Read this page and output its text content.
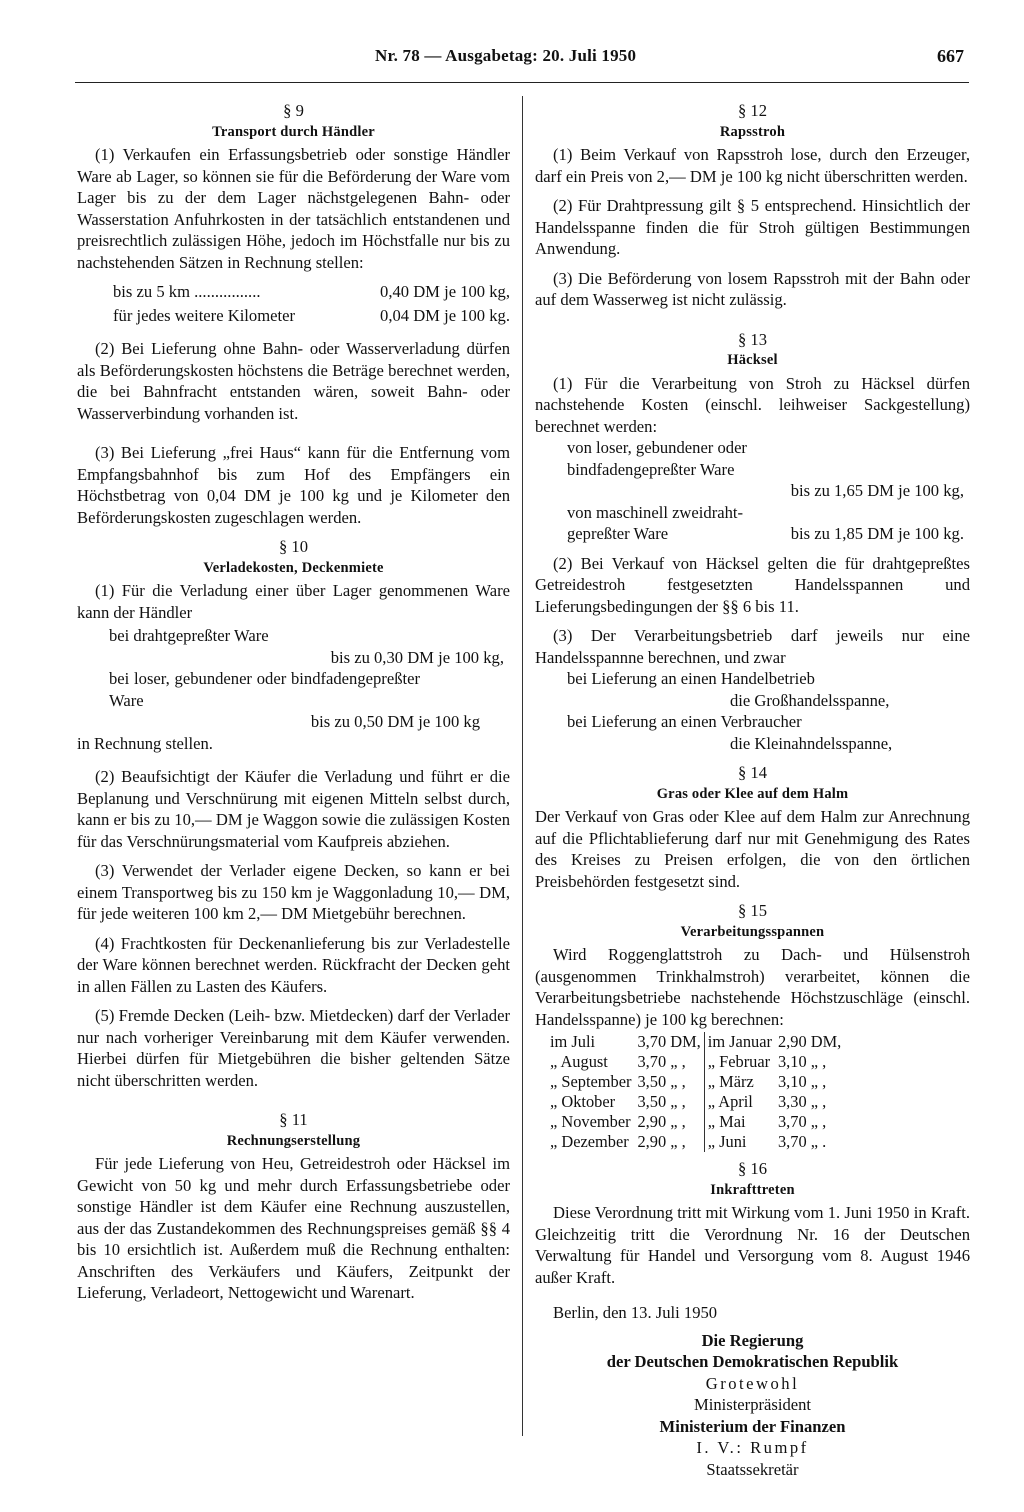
Nr. 78 — Ausgabetag: 20. Juli 1950	667
§ 9
Transport durch Händler

(1) Verkaufen ein Erfassungsbetrieb oder sonstige Händler Ware ab Lager, so können sie für die Beförderung der Ware vom Lager bis zu der dem Lager nächstgelegenen Bahn- oder Wasserstation Anfuhrkosten in der tatsächlich entstandenen und preisrechtlich zulässigen Höhe, jedoch im Höchstfalle nur bis zu nachstehenden Sätzen in Rechnung stellen:

bis zu 5 km ................	0,40 DM je 100 kg,
für jedes weitere Kilometer	0,04 DM je 100 kg.

(2) Bei Lieferung ohne Bahn- oder Wasserverladung dürfen als Beförderungskosten höchstens die Beträge berechnet werden, die bei Bahnfracht entstanden wären, soweit Bahn- oder Wasserverbindung vorhanden ist.

(3) Bei Lieferung „frei Haus“ kann für die Entfernung vom Empfangsbahnhof bis zum Hof des Empfängers ein Höchstbetrag von 0,04 DM je 100 kg und je Kilometer den Beförderungskosten zugeschlagen werden.

§ 10
Verladekosten, Deckenmiete

(1) Für die Verladung einer über Lager genommenen Ware kann der Händler

bei drahtgepreßter Ware
bis zu 0,30 DM je 100 kg,
bei loser, gebundener oder bindfadengepreßter Ware
bis zu 0,50 DM je 100 kg

in Rechnung stellen.

(2) Beaufsichtigt der Käufer die Verladung und führt er die Beplanung und Verschnürung mit eigenen Mitteln selbst durch, kann er bis zu 10,— DM je Waggon sowie die zulässigen Kosten für das Verschnürungsmaterial vom Kaufpreis abziehen.

(3) Verwendet der Verlader eigene Decken, so kann er bei einem Transportweg bis zu 150 km je Waggonladung 10,— DM, für jede weiteren 100 km 2,— DM Mietgebühr berechnen.

(4) Frachtkosten für Deckenanlieferung bis zur Verladestelle der Ware können berechnet werden. Rückfracht der Decken geht in allen Fällen zu Lasten des Käufers.

(5) Fremde Decken (Leih- bzw. Mietdecken) darf der Verlader nur nach vorheriger Vereinbarung mit dem Käufer verwenden. Hierbei dürfen für Mietgebühren die bisher geltenden Sätze nicht überschritten werden.

§ 11
Rechnungserstellung

Für jede Lieferung von Heu, Getreidestroh oder Häcksel im Gewicht von 50 kg und mehr durch Erfassungsbetriebe oder sonstige Händler ist dem Käufer eine Rechnung auszustellen, aus der das Zustandekommen des Rechnungspreises gemäß §§ 4 bis 10 ersichtlich ist. Außerdem muß die Rechnung enthalten: Anschriften des Verkäufers und Käufers, Zeitpunkt der Lieferung, Verladeort, Nettogewicht und Warenart.

§ 12
Rapsstroh

(1) Beim Verkauf von Rapsstroh lose, durch den Erzeuger, darf ein Preis von 2,— DM je 100 kg nicht überschritten werden.

(2) Für Drahtpressung gilt § 5 entsprechend. Hinsichtlich der Handelsspanne finden die für Stroh gültigen Bestimmungen Anwendung.

(3) Die Beförderung von losem Rapsstroh mit der Bahn oder auf dem Wasserweg ist nicht zulässig.

§ 13
Häcksel

(1) Für die Verarbeitung von Stroh zu Häcksel dürfen nachstehende Kosten (einschl. leihweiser Sackgestellung) berechnet werden:

von loser, gebundener oder
bindfadengepreßter Ware
bis zu 1,65 DM je 100 kg,
von maschinell zweidraht-
gepreßter Ware	bis zu 1,85 DM je 100 kg.

(2) Bei Verkauf von Häcksel gelten die für drahtgepreßtes Getreidestroh festgesetzten Handelsspannen und Lieferungsbedingungen der §§ 6 bis 11.

(3) Der Verarbeitungsbetrieb darf jeweils nur eine Handelsspannne berechnen, und zwar

bei Lieferung an einen Handelbetrieb
die Großhandelsspanne,
bei Lieferung an einen Verbraucher
die Kleinahndelsspanne,
§ 14
Gras oder Klee auf dem Halm

Der Verkauf von Gras oder Klee auf dem Halm zur Anrechnung auf die Pflichtablieferung darf nur mit Genehmigung des Rates des Kreises zu Preisen erfolgen, die von den örtlichen Preisbehörden festgesetzt sind.

§ 15
Verarbeitungsspannen

Wird Roggenglattstroh zu Dach- und Hülsenstroh (ausgenommen Trinkhalmstroh) verarbeitet, können die Verarbeitungsbetriebe nachstehende Höchstzuschläge (einschl. Handelsspanne) je 100 kg berechnen:

im Juli	3,70 DM,	im Januar	2,90 DM,
„ August	3,70 „ ,	„ Februar	3,10 „ ,
„ September	3,50 „ ,	„ März	3,10 „ ,
„ Oktober	3,50 „ ,	„ April	3,30 „ ,
„ November	2,90 „ ,	„ Mai	3,70 „ ,
„ Dezember	2,90 „ ,	„ Juni	3,70 „ .
§ 16
Inkrafttreten

Diese Verordnung tritt mit Wirkung vom 1. Juni 1950 in Kraft. Gleichzeitig tritt die Verordnung Nr. 16 der Deutschen Verwaltung für Handel und Versorgung vom 8. August 1946 außer Kraft.

Berlin, den 13. Juli 1950

Die Regierung
der Deutschen Demokratischen Republik
Grotewohl
Ministerpräsident
Ministerium der Finanzen
I. V.: Rumpf
Staatssekretär
